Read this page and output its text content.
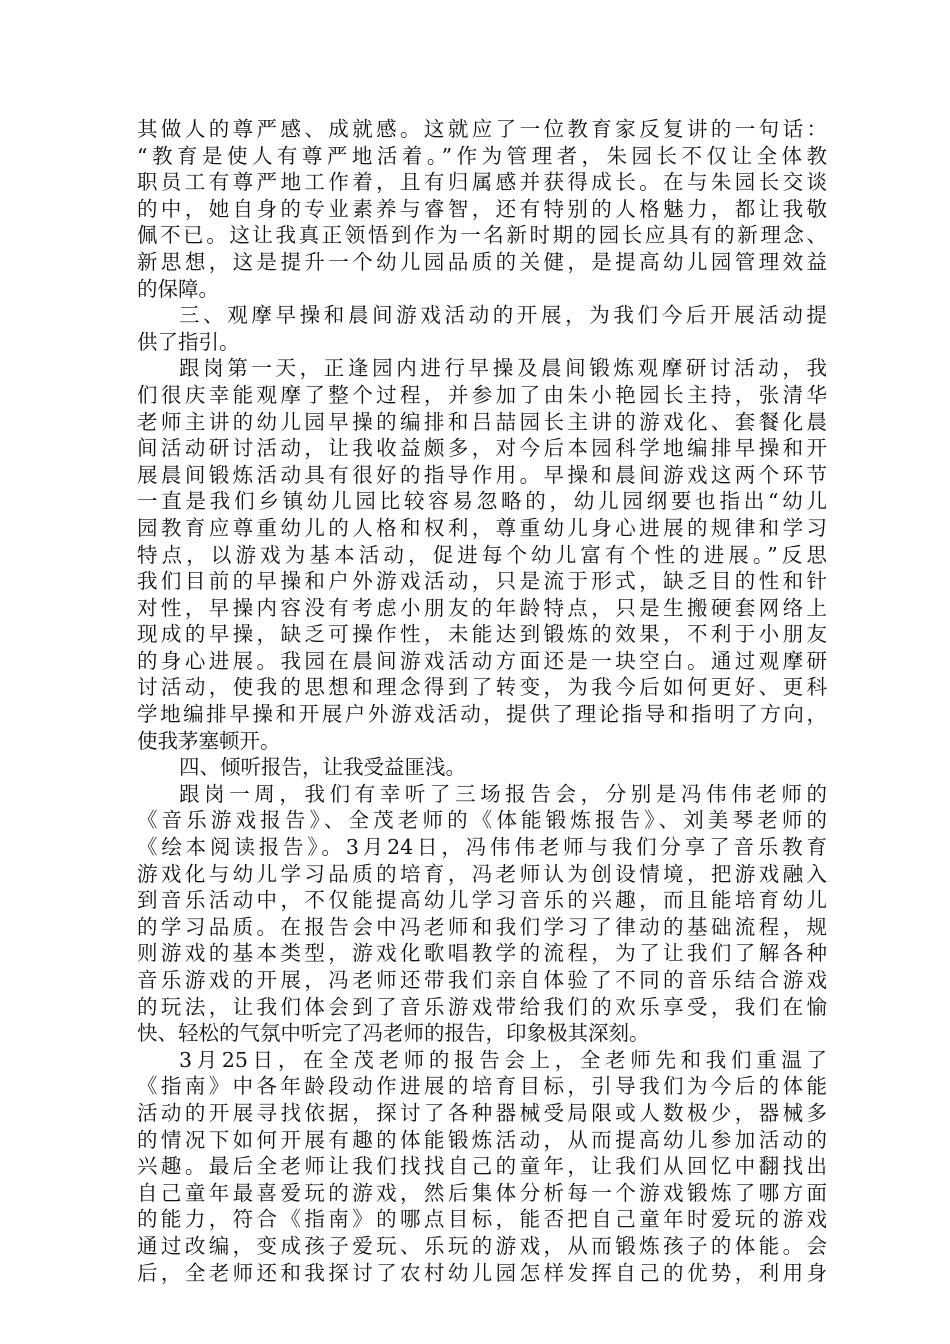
其做人的尊严感、成就感。这就应了一位教育家反复讲的一句话：
“教育是使人有尊严地活着。”作为管理者，朱园长不仅让全体教
职员工有尊严地工作着，且有归属感并获得成长。在与朱园长交谈
的中，她自身的专业素养与睿智，还有特别的人格魅力，都让我敬
佩不已。这让我真正领悟到作为一名新时期的园长应具有的新理念、
新思想，这是提升一个幼儿园品质的关健，是提高幼儿园管理效益
的保障。
三、观摩早操和晨间游戏活动的开展，为我们今后开展活动提
供了指引。
跟岗第一天，正逢园内进行早操及晨间锻炼观摩研讨活动，我
们很庆幸能观摩了整个过程，并参加了由朱小艳园长主持，张清华
老师主讲的幼儿园早操的编排和吕喆园长主讲的游戏化、套餐化晨
间活动研讨活动，让我收益颇多，对今后本园科学地编排早操和开
展晨间锻炼活动具有很好的指导作用。早操和晨间游戏这两个环节
一直是我们乡镇幼儿园比较容易忽略的，幼儿园纲要也指出“幼儿
园教育应尊重幼儿的人格和权利，尊重幼儿身心进展的规律和学习
特点，以游戏为基本活动，促进每个幼儿富有个性的进展。”反思
我们目前的早操和户外游戏活动，只是流于形式，缺乏目的性和针
对性，早操内容没有考虑小朋友的年龄特点，只是生搬硬套网络上
现成的早操，缺乏可操作性，未能达到锻炼的效果，不利于小朋友
的身心进展。我园在晨间游戏活动方面还是一块空白。通过观摩研
讨活动，使我的思想和理念得到了转变，为我今后如何更好、更科
学地编排早操和开展户外游戏活动，提供了理论指导和指明了方向，
使我茅塞顿开。
四、倾听报告，让我受益匪浅。
跟岗一周，我们有幸听了三场报告会，分别是冯伟伟老师的
《音乐游戏报告》、全茂老师的《体能锻炼报告》、刘美琴老师的
《绘本阅读报告》。3月24日，冯伟伟老师与我们分享了音乐教育
游戏化与幼儿学习品质的培育，冯老师认为创设情境，把游戏融入
到音乐活动中，不仅能提高幼儿学习音乐的兴趣，而且能培育幼儿
的学习品质。在报告会中冯老师和我们学习了律动的基础流程，规
则游戏的基本类型，游戏化歌唱教学的流程，为了让我们了解各种
音乐游戏的开展，冯老师还带我们亲自体验了不同的音乐结合游戏
的玩法，让我们体会到了音乐游戏带给我们的欢乐享受，我们在愉
快、轻松的气氛中听完了冯老师的报告，印象极其深刻。
3月25日，在全茂老师的报告会上，全老师先和我们重温了
《指南》中各年龄段动作进展的培育目标，引导我们为今后的体能
活动的开展寻找依据，探讨了各种器械受局限或人数极少，器械多
的情况下如何开展有趣的体能锻炼活动，从而提高幼儿参加活动的
兴趣。最后全老师让我们找找自己的童年，让我们从回忆中翻找出
自己童年最喜爱玩的游戏，然后集体分析每一个游戏锻炼了哪方面
的能力，符合《指南》的哪点目标，能否把自己童年时爱玩的游戏
通过改编，变成孩子爱玩、乐玩的游戏，从而锻炼孩子的体能。会
后，全老师还和我探讨了农村幼儿园怎样发挥自己的优势，利用身
